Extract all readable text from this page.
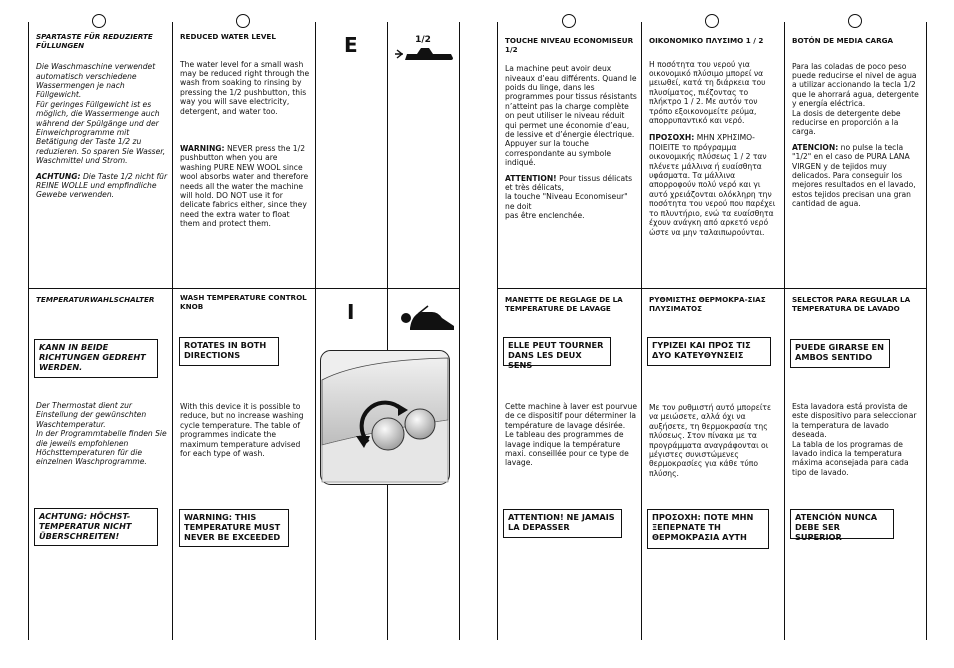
E
I
1/2
SPARTASTE FÜR REDUZIERTE FÜLLUNGEN

Die Waschmaschine verwendet automatisch verschiedene Wassermengen je nach Füllgewicht.
Für geringes Füllgewicht ist es möglich, die Wassermenge auch während der Spülgänge und der Einweichprogramme mit Betätigung der Taste 1/2 zu reduzieren. So sparen Sie Wasser, Waschmittel und Strom.

ACHTUNG: Die Taste 1/2 nicht für REINE WOLLE und empfindliche Gewebe verwenden.

TEMPERATURWAHLSCHALTER
KANN IN BEIDE RICHTUNGEN GEDREHT WERDEN.

Der Thermostat dient zur Einstellung der gewünschten Waschtemperatur.
In der Programmtabelle finden Sie die jeweils empfohlenen Höchsttemperaturen für die einzelnen Waschprogramme.

ACHTUNG: HÖCHST-TEMPERATUR NICHT ÜBERSCHREITEN!
REDUCED WATER LEVEL

The water level for a small wash may be reduced right through the wash from soaking to rinsing by pressing the 1/2 pushbutton, this way you will save electricity, detergent, and water too.

WARNING: NEVER press the 1/2 pushbutton when you are washing PURE NEW WOOL since wool absorbs water and therefore needs all the water the machine will hold. DO NOT use it for delicate fabrics either, since they need the extra water to float them and protect them.

WASH TEMPERATURE CONTROL KNOB
ROTATES IN BOTH DIRECTIONS

With this device it is possible to reduce, but no increase washing cycle temperature. The table of programmes indicate the maximum temperature advised for each type of wash.

WARNING: THIS TEMPERATURE MUST NEVER BE EXCEEDED
TOUCHE NIVEAU ECONOMISEUR 1/2

La machine peut avoir deux niveaux d’eau différents. Quand le poids du linge, dans les programmes pour tissus résistants n’atteint pas la charge complète on peut utiliser le niveau réduit qui permet une économie d’eau, de lessive et d’énergie électrique.
Appuyer sur la touche correspondante au symbole indiqué.

ATTENTION! Pour tissus délicats et très délicats,
la touche "Niveau Economiseur" ne doit
pas être enclenchée.

MANETTE DE REGLAGE DE LA TEMPERATURE DE LAVAGE
ELLE PEUT TOURNER DANS LES DEUX SENS

Cette machine à laver est pourvue de ce dispositif pour déterminer la température de lavage désirée.
Le tableau des programmes de lavage indique la température maxi. conseillée pour ce type de lavage.

ATTENTION! NE JAMAIS LA DEPASSER
ΟΙΚΟΝΟΜΙΚΟ ΠΛΥΣΙΜΟ 1 / 2

Η ποσότητα του νερού για οικονομικό πλύσιμο μπορεί να μειωθεί, κατά τη διάρκεια του πλυσίματος, πιέζοντας το πλήκτρο 1 / 2. Με αυτόν τον τρόπο εξοικονομείτε ρεύμα, απορρυπαντικό και νερό.

ΠΡΟΣΟΧΗ: ΜΗΝ ΧΡΗΣΙΜΟ-ΠΟΙΕΙΤΕ το πρόγραμμα οικονομικής πλύσεως 1 / 2 ταν πλένετε μάλλινα ή ευαίσθητα υφάσματα. Τα μάλλινα απορροφούν πολύ νερό και γι αυτό χρειάζονται ολόκληρη την ποσότητα του νερού που παρέχει το πλυντήριο, ενώ τα ευαίσθητα έχουν ανάγκη από αρκετό νερό ώστε να μην ταλαιπωρούνται.

ΡΥΘΜΙΣΤΗΣ ΘΕΡΜΟΚΡΑ-ΣΙΑΣ ΠΛΥΣΙΜΑΤΟΣ
ΓΥΡΙΖΕΙ ΚΑΙ ΠΡΟΣ ΤΙΣ ΔΥΟ ΚΑΤΕΥΘΥΝΣΕΙΣ

Με τον ρυθμιστή αυτό μπορείτε να μειώσετε, αλλά όχι να αυξήσετε, τη θερμοκρασία της πλύσεως. Στον πίνακα με τα προγράμματα αναγράφονται οι μέγιστες συνιστώμενες θερμοκρασίες για κάθε τύπο πλύσης.

ΠΡΟΣΟΧΗ: ΠΟΤΕ ΜΗΝ ΞΕΠΕΡΝΑΤΕ ΤΗ ΘΕΡΜΟΚΡΑΣΙΑ ΑΥΤΗ
BOTÓN DE MEDIA CARGA

Para las coladas de poco peso puede reducirse el nivel de agua a utilizar accionando la tecla 1/2 que le ahorrará agua, detergente y energía eléctrica.
La dosis de detergente debe reducirse en proporción a la carga.

ATENCION: no pulse la tecla "1/2" en el caso de PURA LANA VIRGEN y de tejidos muy delicados. Para conseguir los mejores resultados en el lavado, estos tejidos precisan una gran cantidad de agua.

SELECTOR PARA REGULAR LA TEMPERATURA DE LAVADO
PUEDE GIRARSE EN AMBOS SENTIDO

Esta lavadora está provista de este dispositivo para seleccionar la temperatura de lavado deseada.
La tabla de los programas de lavado indica la temperatura máxima aconsejada para cada tipo de lavado.

ATENCIÓN NUNCA DEBE SER SUPERIOR
